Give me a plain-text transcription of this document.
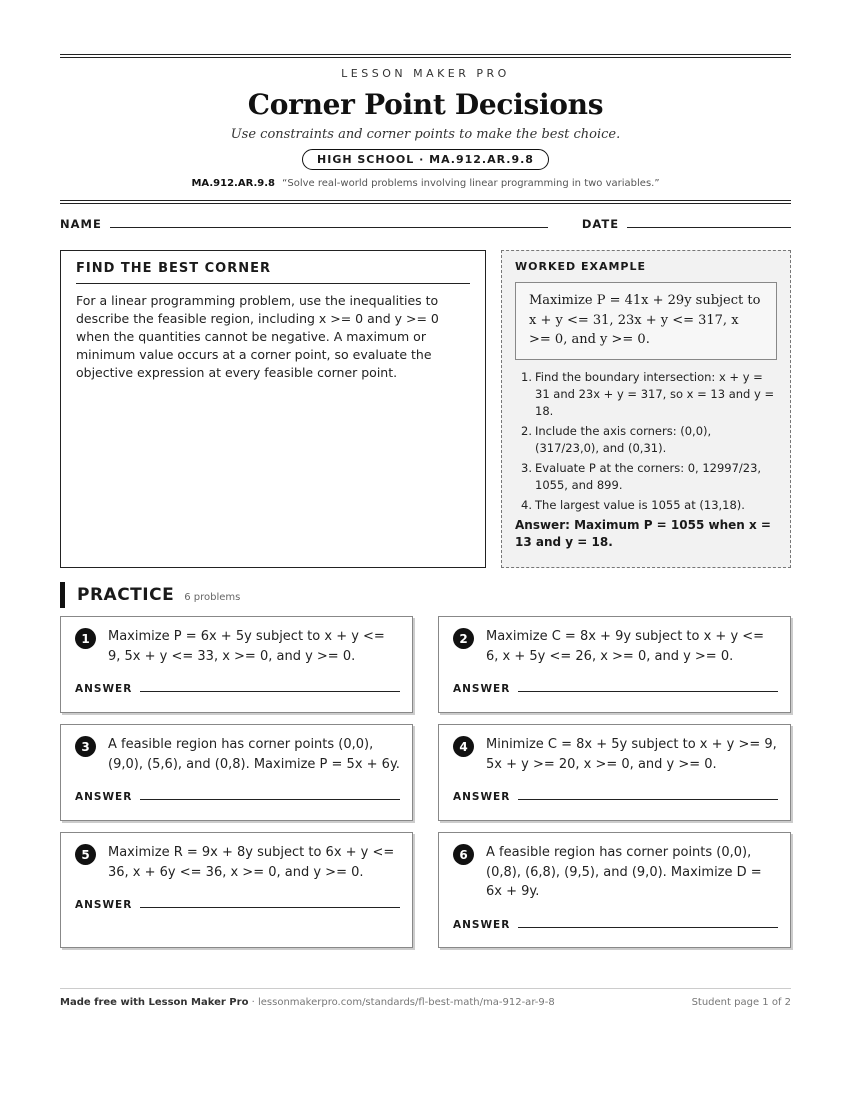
LESSON MAKER PRO
Corner Point Decisions
Use constraints and corner points to make the best choice.
HIGH SCHOOL · MA.912.AR.9.8
MA.912.AR.9.8 “Solve real-world problems involving linear programming in two variables.”
NAME	DATE
FIND THE BEST CORNER

For a linear programming problem, use the inequalities to describe the feasible region, including x >= 0 and y >= 0 when the quantities cannot be negative. A maximum or minimum value occurs at a corner point, so evaluate the objective expression at every feasible corner point.

WORKED EXAMPLE
Maximize P = 41x + 29y subject to x + y <= 31, 23x + y <= 317, x >= 0, and y >= 0.
1. Find the boundary intersection: x + y = 31 and 23x + y = 317, so x = 13 and y = 18.
2. Include the axis corners: (0,0), (317/23,0), and (0,31).
3. Evaluate P at the corners: 0, 12997/23, 1055, and 899.
4. The largest value is 1055 at (13,18).
Answer: Maximum P = 1055 when x = 13 and y = 18.
PRACTICE 6 problems
1	Maximize P = 6x + 5y subject to x + y <= 9, 5x + y <= 33, x >= 0, and y >= 0.
ANSWER
2	Maximize C = 8x + 9y subject to x + y <= 6, x + 5y <= 26, x >= 0, and y >= 0.
ANSWER
3	A feasible region has corner points (0,0), (9,0), (5,6), and (0,8). Maximize P = 5x + 6y.
ANSWER
4	Minimize C = 8x + 5y subject to x + y >= 9, 5x + y >= 20, x >= 0, and y >= 0.
ANSWER
5	Maximize R = 9x + 8y subject to 6x + y <= 36, x + 6y <= 36, x >= 0, and y >= 0.
ANSWER
6	A feasible region has corner points (0,0), (0,8), (6,8), (9,5), and (9,0). Maximize D = 6x + 9y.
ANSWER
Made free with Lesson Maker Pro · lessonmakerpro.com/standards/fl-best-math/ma-912-ar-9-8	Student page 1 of 2
